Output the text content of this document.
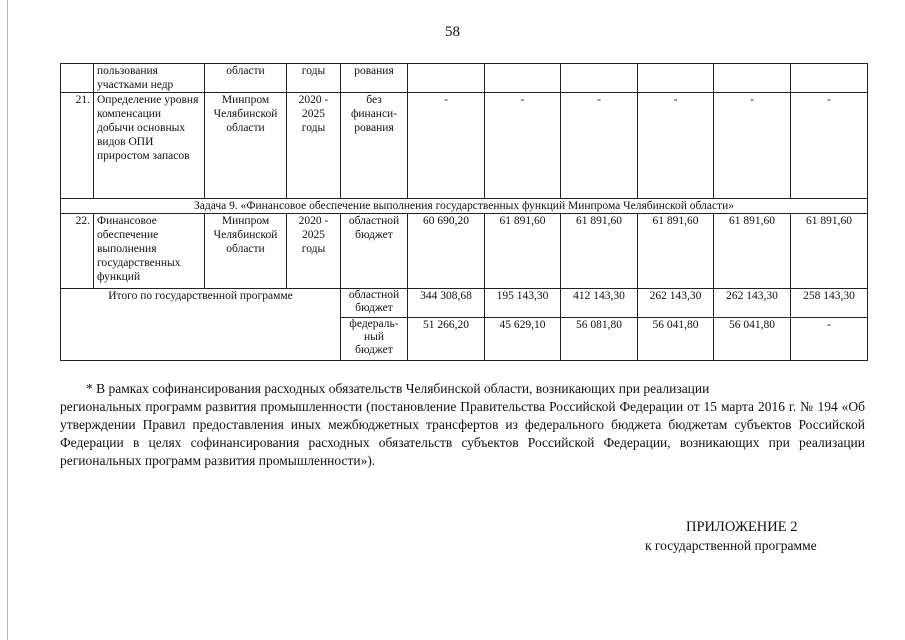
58
	пользования участками недр	области	годы	рования						
21.	Определение уровня компенсации добычи основных видов ОПИ приростом запасов	Минпром Челябинской области	2020 - 2025 годы	без финанси-рования	-	-	-	-	-	-
Задача 9. «Финансовое обеспечение выполнения государственных функций Минпрома Челябинской области»										
22.	Финансовое обеспечение выполнения государственных функций	Минпром Челябинской области	2020 - 2025 годы	областной бюджет	60 690,20	61 891,60	61 891,60	61 891,60	61 891,60	61 891,60
Итого по государственной программе				областной бюджет	344 308,68	195 143,30	412 143,30	262 143,30	262 143,30	258 143,30
				федераль-ный бюджет	51 266,20	45 629,10	56 081,80	56 041,80	56 041,80	-
* В рамках софинансирования расходных обязательств Челябинской области, возникающих при реализации
региональных программ развития промышленности (постановление Правительства Российской Федерации от 15 марта 2016 г. № 194 «Об утверждении Правил предоставления иных межбюджетных трансфертов из федерального бюджета бюджетам субъектов Российской Федерации в целях софинансирования расходных обязательств субъектов Российской Федерации, возникающих при реализации региональных программ развития промышленности»).
ПРИЛОЖЕНИЕ 2
к государственной программе
